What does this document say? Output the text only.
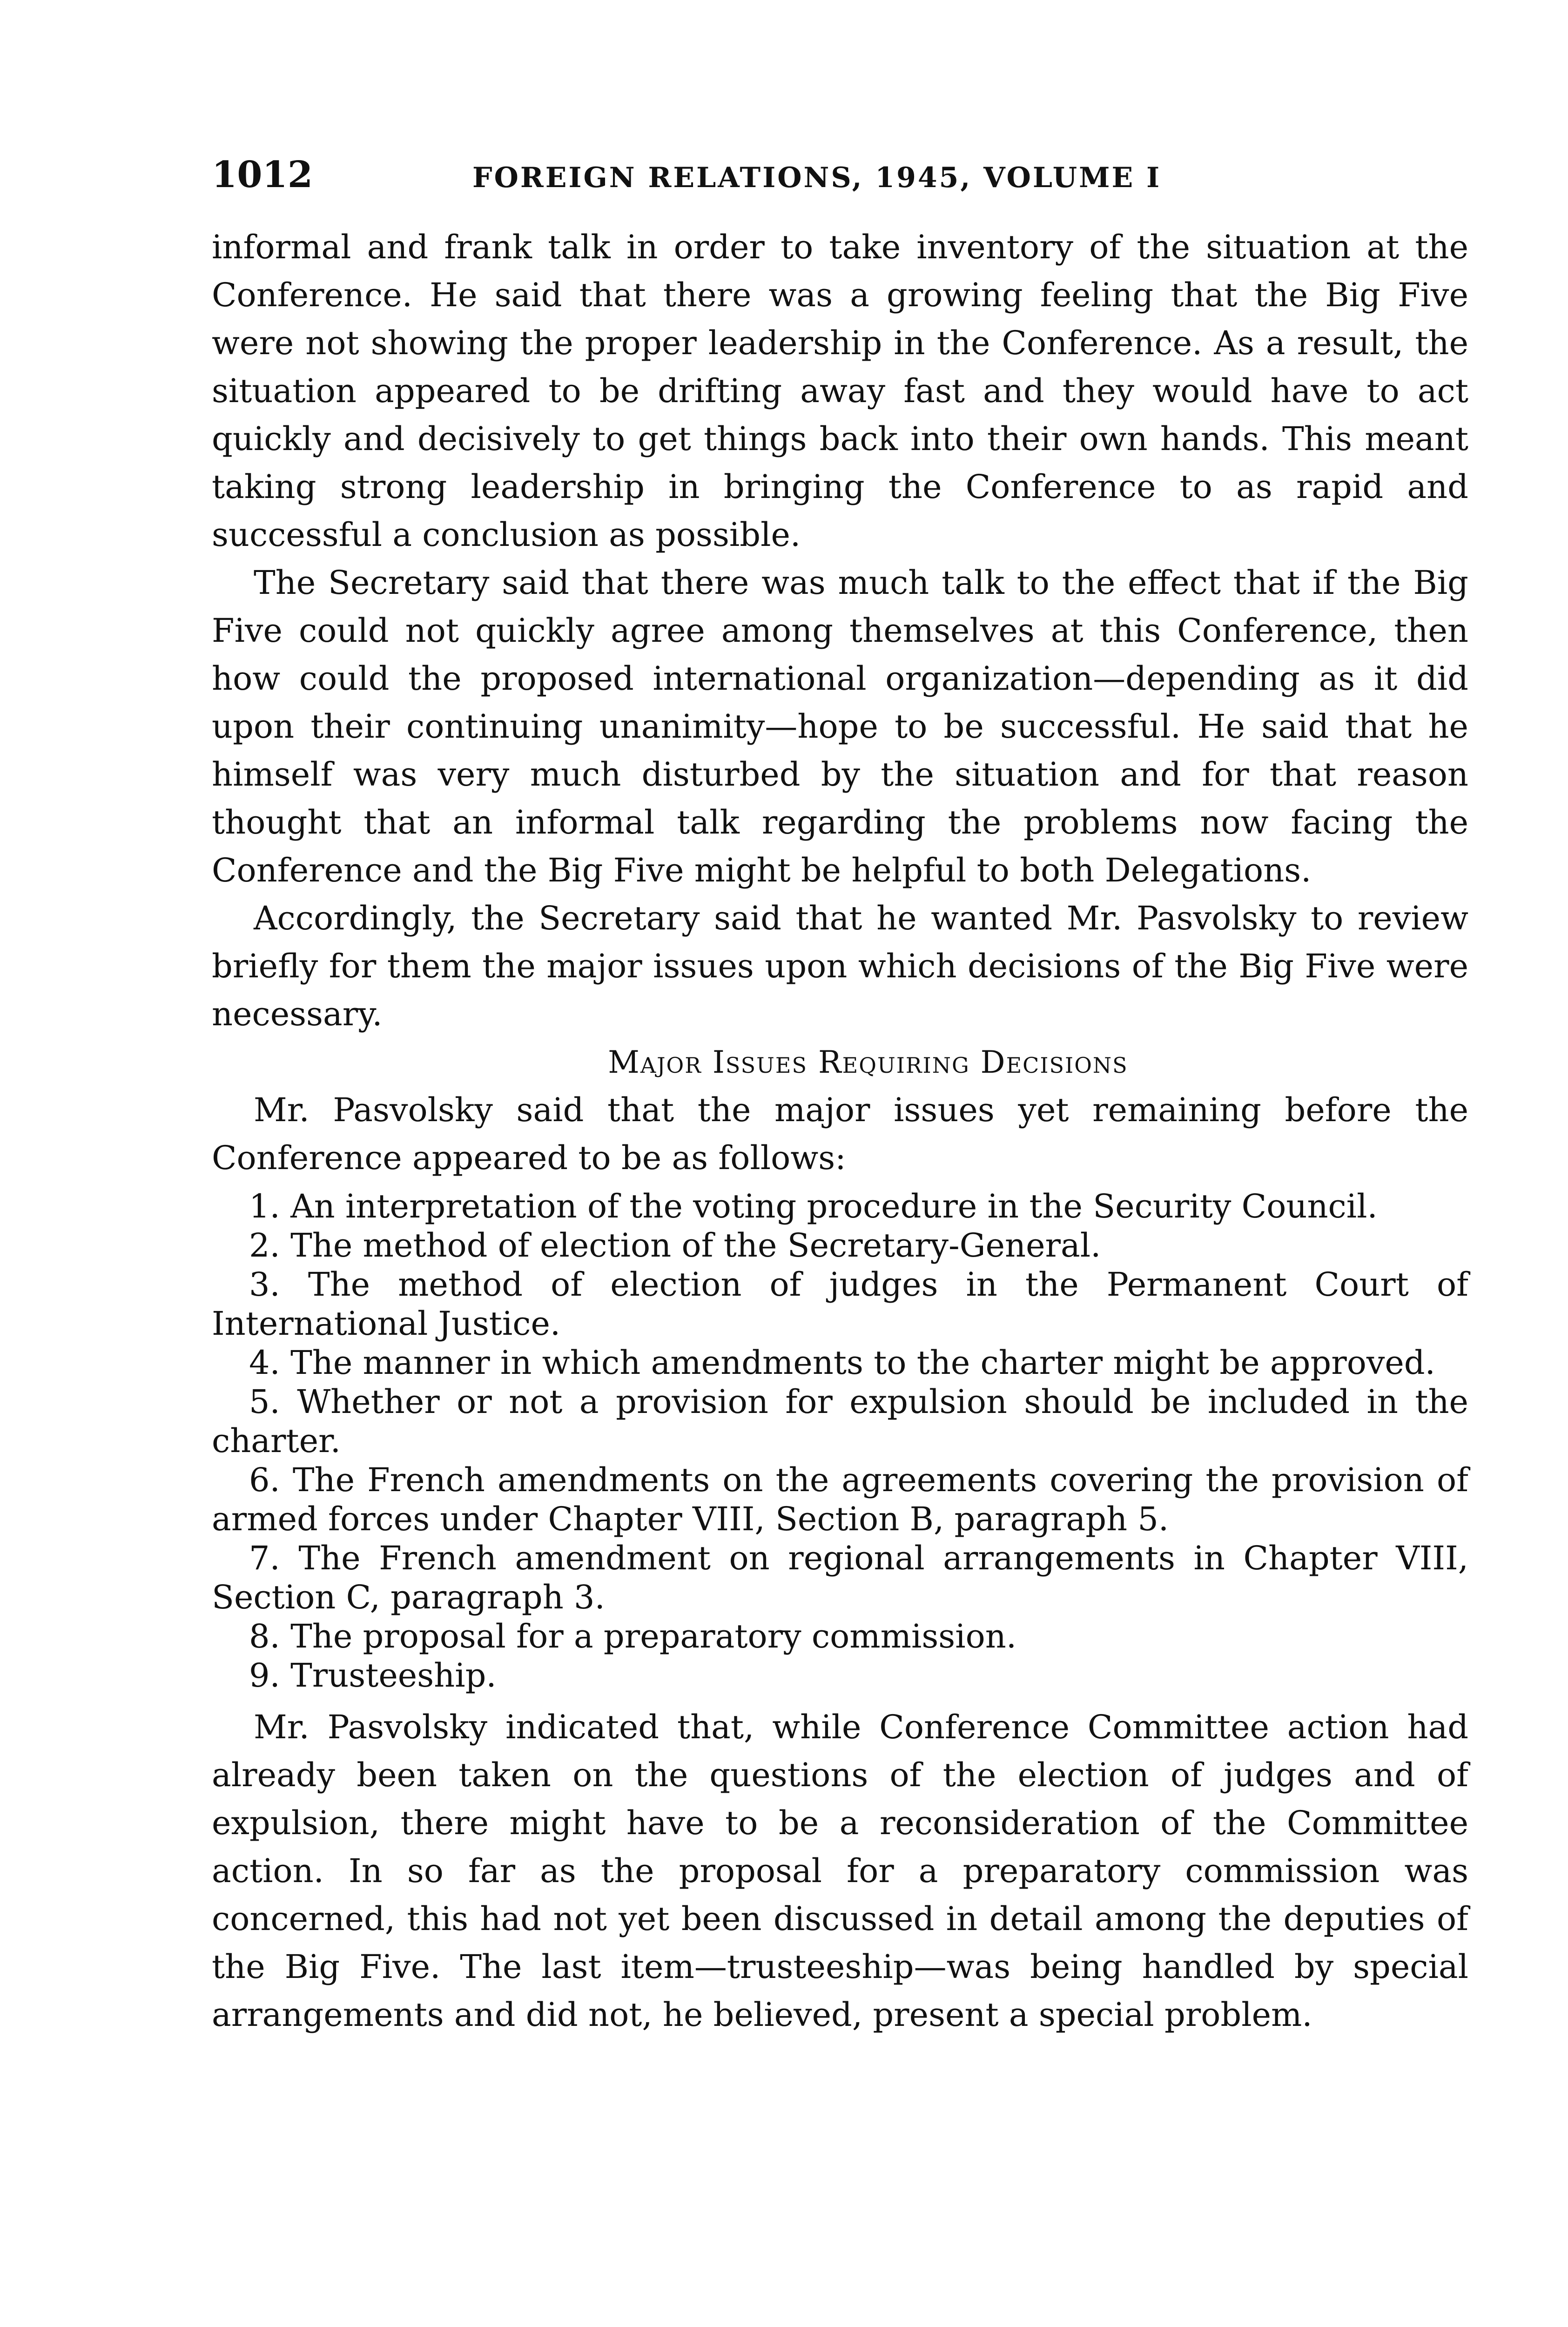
1012	FOREIGN RELATIONS, 1945, VOLUME I

informal and frank talk in order to take inventory of the situation at the Conference. He said that there was a growing feeling that the Big Five were not showing the proper leadership in the Conference. As a result, the situation appeared to be drifting away fast and they would have to act quickly and decisively to get things back into their own hands. This meant taking strong leadership in bringing the Conference to as rapid and successful a conclusion as possible.

The Secretary said that there was much talk to the effect that if the Big Five could not quickly agree among themselves at this Conference, then how could the proposed international organization—depending as it did upon their continuing unanimity—hope to be successful. He said that he himself was very much disturbed by the situation and for that reason thought that an informal talk regarding the problems now facing the Conference and the Big Five might be helpful to both Delegations.

Accordingly, the Secretary said that he wanted Mr. Pasvolsky to review briefly for them the major issues upon which decisions of the Big Five were necessary.

Major Issues Requiring Decisions

Mr. Pasvolsky said that the major issues yet remaining before the Conference appeared to be as follows:

1. An interpretation of the voting procedure in the Security Council.
2. The method of election of the Secretary-General.
3. The method of election of judges in the Permanent Court of International Justice.
4. The manner in which amendments to the charter might be approved.
5. Whether or not a provision for expulsion should be included in the charter.
6. The French amendments on the agreements covering the provision of armed forces under Chapter VIII, Section B, paragraph 5.
7. The French amendment on regional arrangements in Chapter VIII, Section C, paragraph 3.
8. The proposal for a preparatory commission.
9. Trusteeship.

Mr. Pasvolsky indicated that, while Conference Committee action had already been taken on the questions of the election of judges and of expulsion, there might have to be a reconsideration of the Committee action. In so far as the proposal for a preparatory commission was concerned, this had not yet been discussed in detail among the deputies of the Big Five. The last item—trusteeship—was being handled by special arrangements and did not, he believed, present a special problem.
